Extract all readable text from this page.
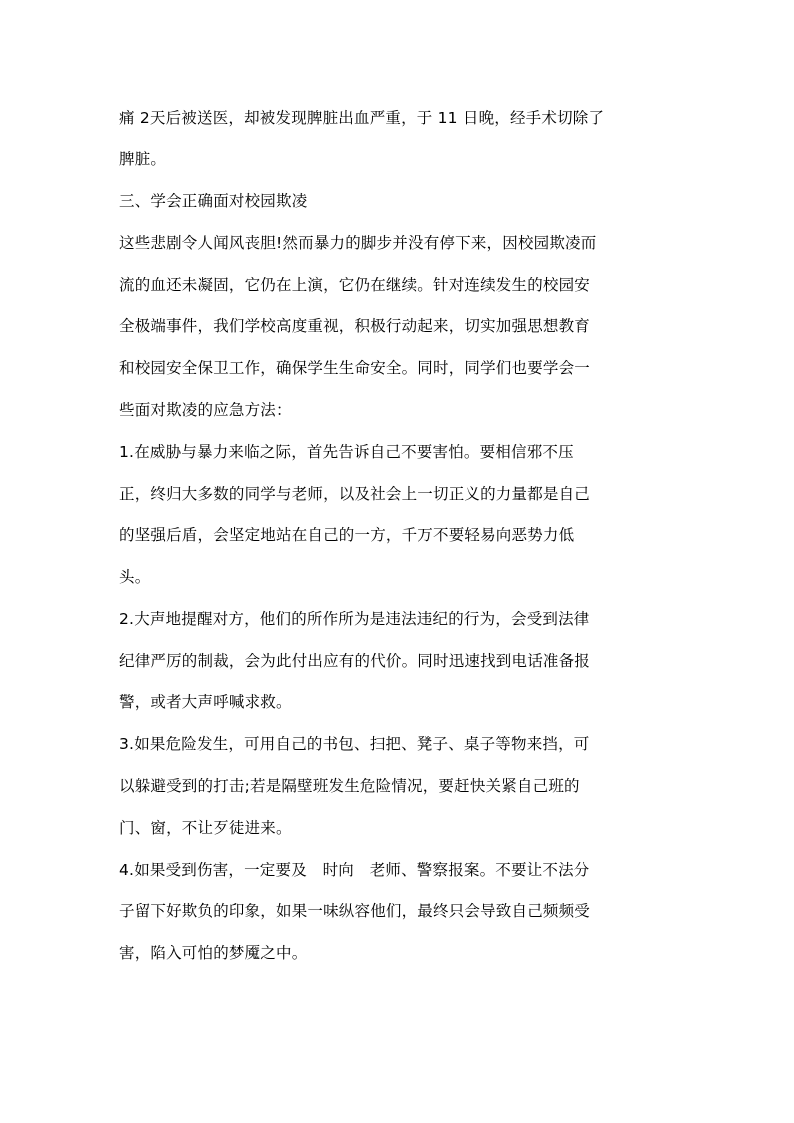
痛 2天后被送医，却被发现脾脏出血严重，于 11 日晚，经手术切除了
脾脏。
三、学会正确面对校园欺凌
这些悲剧令人闻风丧胆!然而暴力的脚步并没有停下来，因校园欺凌而
流的血还未凝固，它仍在上演，它仍在继续。针对连续发生的校园安
全极端事件，我们学校高度重视，积极行动起来，切实加强思想教育
和校园安全保卫工作，确保学生生命安全。同时，同学们也要学会一
些面对欺凌的应急方法：
1.在威胁与暴力来临之际，首先告诉自己不要害怕。要相信邪不压
正，终归大多数的同学与老师，以及社会上一切正义的力量都是自己
的坚强后盾，会坚定地站在自己的一方，千万不要轻易向恶势力低
头。
2.大声地提醒对方，他们的所作所为是违法违纪的行为，会受到法律
纪律严厉的制裁，会为此付出应有的代价。同时迅速找到电话准备报
警，或者大声呼喊求救。
3.如果危险发生，可用自己的书包、扫把、凳子、桌子等物来挡，可
以躲避受到的打击;若是隔壁班发生危险情况，要赶快关紧自己班的
门、窗，不让歹徒进来。
4.如果受到伤害，一定要及　时向　老师、警察报案。不要让不法分
子留下好欺负的印象，如果一味纵容他们，最终只会导致自己频频受
害，陷入可怕的梦魇之中。
